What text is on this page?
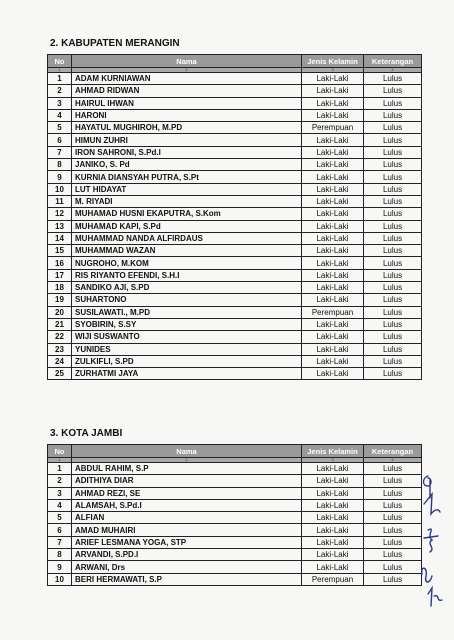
2. KABUPATEN MERANGIN
No	Nama	Jenis Kelamin	Keterangan
1	2	3	4
1	ADAM KURNIAWAN	Laki-Laki	Lulus
2	AHMAD RIDWAN	Laki-Laki	Lulus
3	HAIRUL IHWAN	Laki-Laki	Lulus
4	HARONI	Laki-Laki	Lulus
5	HAYATUL MUGHIROH, M.PD	Perempuan	Lulus
6	HIMUN ZUHRI	Laki-Laki	Lulus
7	IRON SAHRONI, S.Pd.I	Laki-Laki	Lulus
8	JANIKO, S. Pd	Laki-Laki	Lulus
9	KURNIA DIANSYAH PUTRA, S.Pt	Laki-Laki	Lulus
10	LUT HIDAYAT	Laki-Laki	Lulus
11	M. RIYADI	Laki-Laki	Lulus
12	MUHAMAD HUSNI EKAPUTRA, S.Kom	Laki-Laki	Lulus
13	MUHAMAD KAPI, S.Pd	Laki-Laki	Lulus
14	MUHAMMAD NANDA ALFIRDAUS	Laki-Laki	Lulus
15	MUHAMMAD WAZAN	Laki-Laki	Lulus
16	NUGROHO, M.KOM	Laki-Laki	Lulus
17	RIS RIYANTO EFENDI, S.H.I	Laki-Laki	Lulus
18	SANDIKO AJI, S.PD	Laki-Laki	Lulus
19	SUHARTONO	Laki-Laki	Lulus
20	SUSILAWATI., M.PD	Perempuan	Lulus
21	SYOBIRIN, S.SY	Laki-Laki	Lulus
22	WIJI SUSWANTO	Laki-Laki	Lulus
23	YUNIDES	Laki-Laki	Lulus
24	ZULKIFLI, S.PD	Laki-Laki	Lulus
25	ZURHATMI JAYA	Laki-Laki	Lulus
3. KOTA JAMBI
No	Nama	Jenis Kelamin	Keterangan
1	2	3	4
1	ABDUL RAHIM, S.P	Laki-Laki	Lulus
2	ADITHIYA DIAR	Laki-Laki	Lulus
3	AHMAD REZI, SE	Laki-Laki	Lulus
4	ALAMSAH, S.Pd.I	Laki-Laki	Lulus
5	ALFIAN	Laki-Laki	Lulus
6	AMAD MUHAIRI	Laki-Laki	Lulus
7	ARIEF LESMANA YOGA, STP	Laki-Laki	Lulus
8	ARVANDI, S.PD.I	Laki-Laki	Lulus
9	ARWANI, Drs	Laki-Laki	Lulus
10	BERI HERMAWATI, S.P	Perempuan	Lulus
